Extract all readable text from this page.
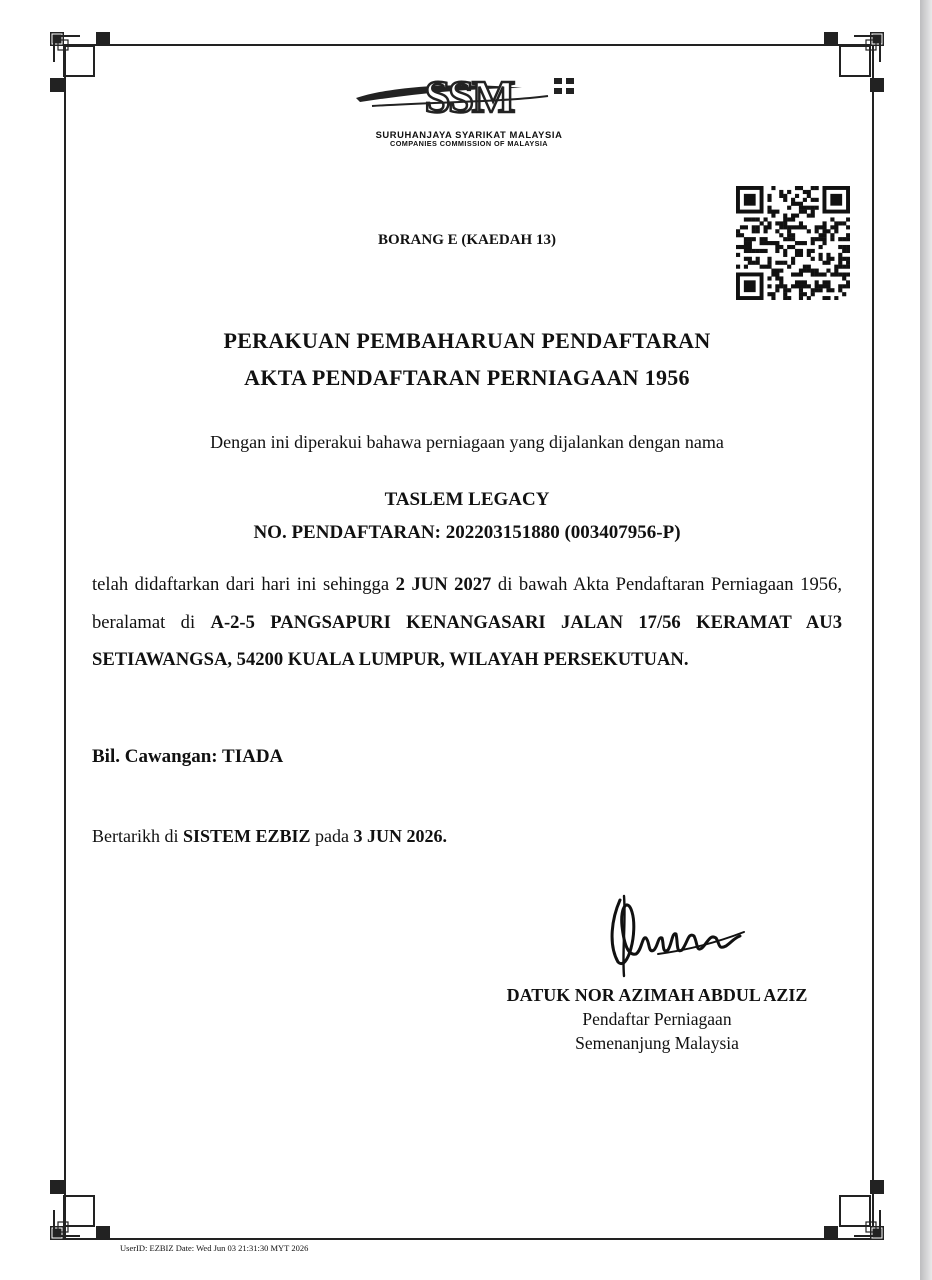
SSM
SURUHANJAYA SYARIKAT MALAYSIA
COMPANIES COMMISSION OF MALAYSIA
BORANG E (KAEDAH 13)
PERAKUAN PEMBAHARUAN PENDAFTARAN
AKTA PENDAFTARAN PERNIAGAAN 1956
Dengan ini diperakui bahawa perniagaan yang dijalankan dengan nama
TASLEM LEGACY
NO. PENDAFTARAN: 202203151880 (003407956-P)
telah didaftarkan dari hari ini sehingga 2 JUN 2027 di bawah Akta Pendaftaran Perniagaan 1956, beralamat di A-2-5 PANGSAPURI KENANGASARI JALAN 17/56 KERAMAT AU3 SETIAWANGSA, 54200 KUALA LUMPUR, WILAYAH PERSEKUTUAN.
Bil. Cawangan: TIADA
Bertarikh di SISTEM EZBIZ pada 3 JUN 2026.
DATUK NOR AZIMAH ABDUL AZIZ
Pendaftar Perniagaan
Semenanjung Malaysia
UserID: EZBIZ Date: Wed Jun 03 21:31:30 MYT 2026
